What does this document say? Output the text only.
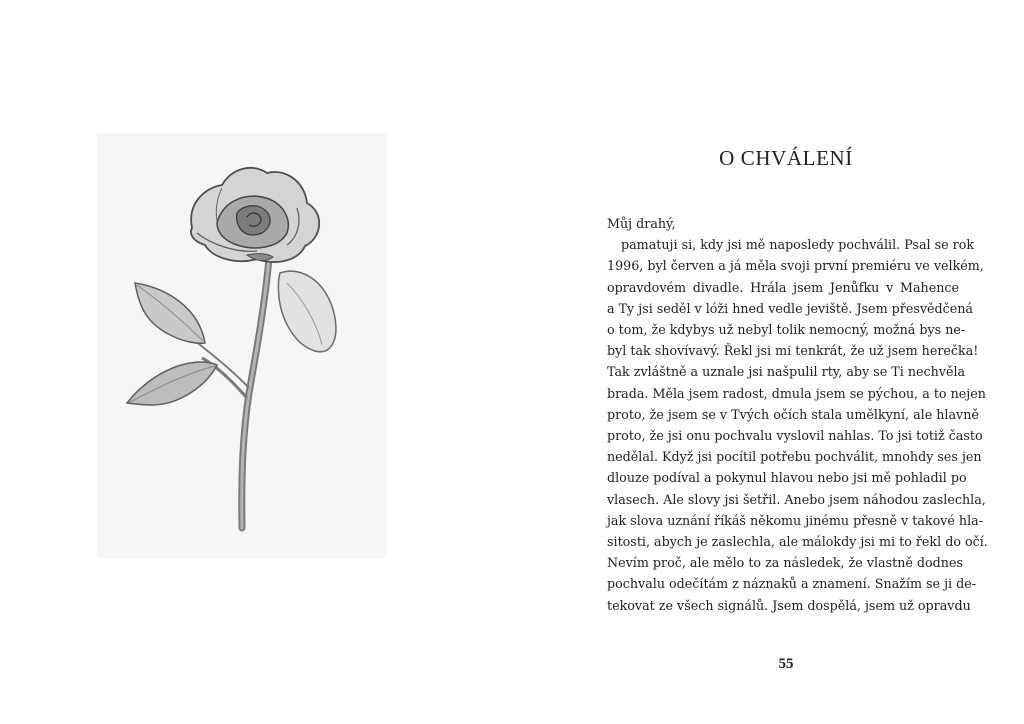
O CHVÁLENÍ
Můj drahý,
pamatuji si, kdy jsi mě naposledy pochválil. Psal se rok
1996, byl červen a já měla svoji první premiéru ve velkém,
opravdovém divadle. Hrála jsem Jenůfku v Mahence
a Ty jsi seděl v lóži hned vedle jeviště. Jsem přesvědčená
o tom, že kdybys už nebyl tolik nemocný, možná bys ne-
byl tak shovívavý. Řekl jsi mi tenkrát, že už jsem herečka!
Tak zvláštně a uznale jsi našpulil rty, aby se Ti nechvěla
brada. Měla jsem radost, dmula jsem se pýchou, a to nejen
proto, že jsem se v Tvých očích stala umělkyní, ale hlavně
proto, že jsi onu pochvalu vyslovil nahlas. To jsi totiž často
nedělal. Když jsi pocítil potřebu pochválit, mnohdy ses jen
dlouze podíval a pokynul hlavou nebo jsi mě pohladil po
vlasech. Ale slovy jsi šetřil. Anebo jsem náhodou zaslechla,
jak slova uznání říkáš někomu jinému přesně v takové hla-
sitosti, abych je zaslechla, ale málokdy jsi mi to řekl do očí.
Nevím proč, ale mělo to za následek, že vlastně dodnes
pochvalu odečítám z náznaků a znamení. Snažím se ji de-
tekovat ze všech signálů. Jsem dospělá, jsem už opravdu
55
